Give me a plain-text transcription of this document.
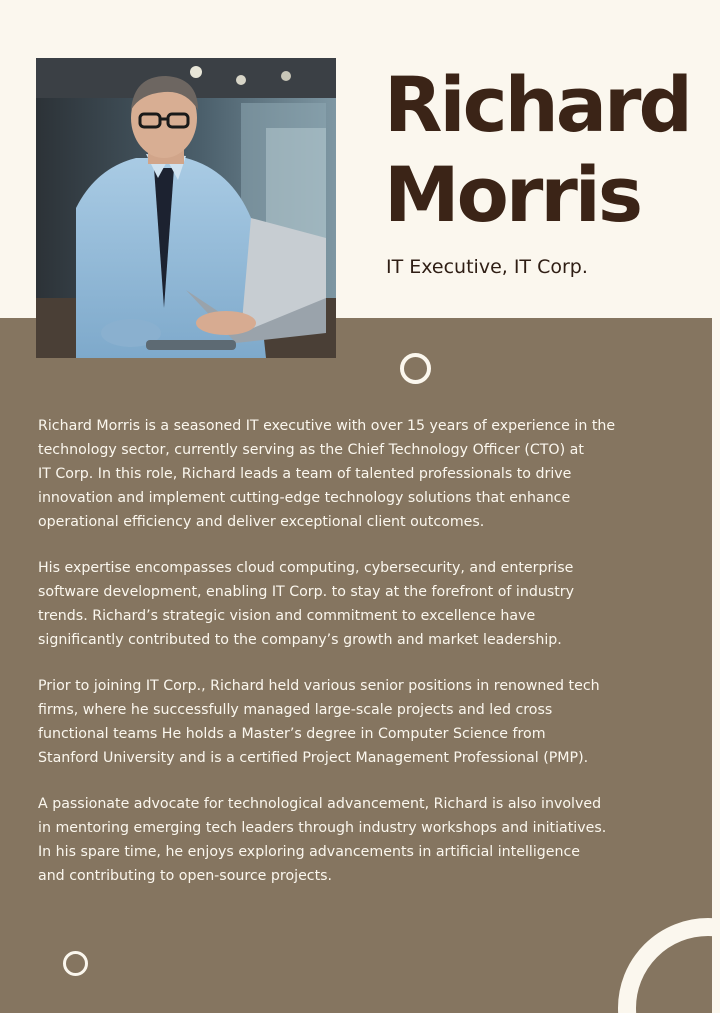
Richard
Morris
IT Executive, IT Corp.

Richard Morris is a seasoned IT executive with over 15 years of experience in the
technology sector, currently serving as the Chief Technology Officer (CTO) at
IT Corp. In this role, Richard leads a team of talented professionals to drive
innovation and implement cutting-edge technology solutions that enhance
operational efficiency and deliver exceptional client outcomes.

His expertise encompasses cloud computing, cybersecurity, and enterprise
software development, enabling IT Corp. to stay at the forefront of industry
trends. Richard’s strategic vision and commitment to excellence have
significantly contributed to the company’s growth and market leadership.

Prior to joining IT Corp., Richard held various senior positions in renowned tech
firms, where he successfully managed large-scale projects and led cross
functional teams He holds a Master’s degree in Computer Science from
Stanford University and is a certified Project Management Professional (PMP).

A passionate advocate for technological advancement, Richard is also involved
in mentoring emerging tech leaders through industry workshops and initiatives.
In his spare time, he enjoys exploring advancements in artificial intelligence
and contributing to open-source projects.
